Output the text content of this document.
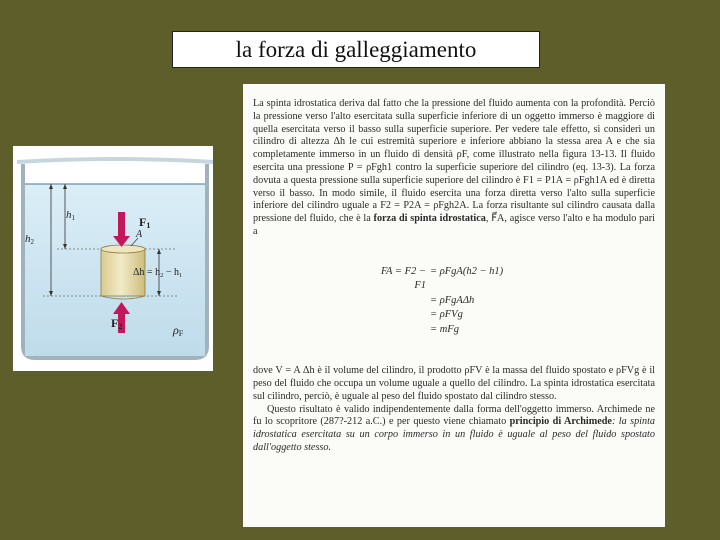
la forza di galleggiamento
h1
h2
F1
A
$\Delta h = h_2 - h_1$
F2	ρF

La spinta idrostatica deriva dal fatto che la pressione del fluido aumenta con la profondità. Perciò la pressione verso l'alto esercitata sulla superficie inferiore di un oggetto immerso è maggiore di quella esercitata verso il basso sulla superficie superiore. Per vedere tale effetto, si consideri un cilindro di altezza Δh le cui estremità superiore e inferiore abbiano la stessa area A e che sia completamente immerso in un fluido di densità ρF, come illustrato nella figura 13-13. Il fluido esercita una pressione P = ρFgh1 contro la superficie superiore del cilindro (eq. 13-3). La forza dovuta a questa pressione sulla superficie superiore del cilindro è F1 = P1A = ρFgh1A ed è diretta verso il basso. In modo simile, il fluido esercita una forza diretta verso l'alto sulla superficie inferiore del cilindro uguale a F2 = P2A = ρFgh2A. La forza risultante sul cilindro causata dalla pressione del fluido, che è la forza di spinta idrostatica, F⃗A, agisce verso l'alto e ha modulo pari a

FA = F2 − F1
= ρFgA(h2 − h1)
= ρFgAΔh
= ρFVg
= mFg

dove V = A Δh è il volume del cilindro, il prodotto ρFV è la massa del fluido spostato e ρFVg è il peso del fluido che occupa un volume uguale a quello del cilindro. La spinta idrostatica esercitata sul cilindro, perciò, è uguale al peso del fluido spostato dal cilindro stesso.

Questo risultato è valido indipendentemente dalla forma dell'oggetto immerso. Archimede ne fu lo scopritore (287?-212 a.C.) e per questo viene chiamato principio di Archimede: la spinta idrostatica esercitata su un corpo immerso in un fluido è uguale al peso del fluido spostato dall'oggetto stesso.
